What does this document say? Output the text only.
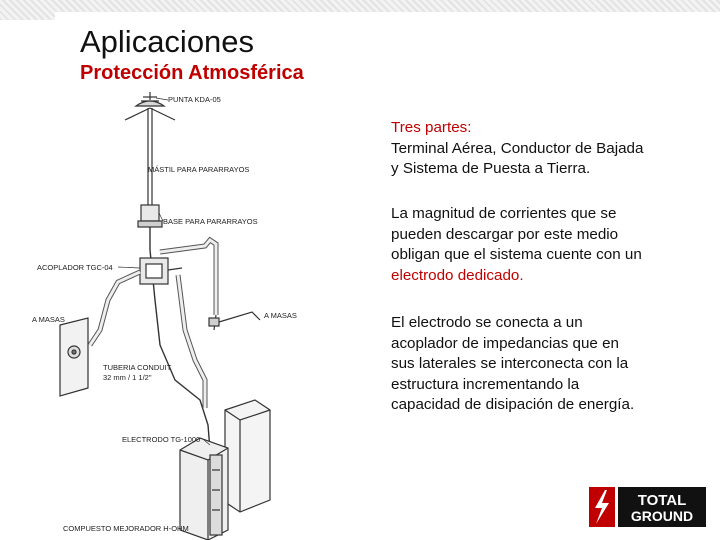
Aplicaciones
Protección Atmosférica
PUNTA KDA-05
MÁSTIL PARA PARARRAYOS
BASE PARA PARARRAYOS
ACOPLADOR TGC-04
A MASAS
A MASAS
TUBERIA CONDUIT
32 mm / 1 1/2"
ELECTRODO TG-1000
COMPUESTO MEJORADOR H-OHM
Tres partes:
Terminal Aérea, Conductor de Bajada
y Sistema de Puesta a Tierra.
La magnitud de corrientes que se
pueden descargar por este medio
obligan que el sistema cuente con un
electrodo dedicado.
El electrodo se conecta a un
acoplador de impedancias que en
sus laterales se interconecta con la
estructura incrementando la
capacidad de disipación de energía.
TOTAL
GROUND
